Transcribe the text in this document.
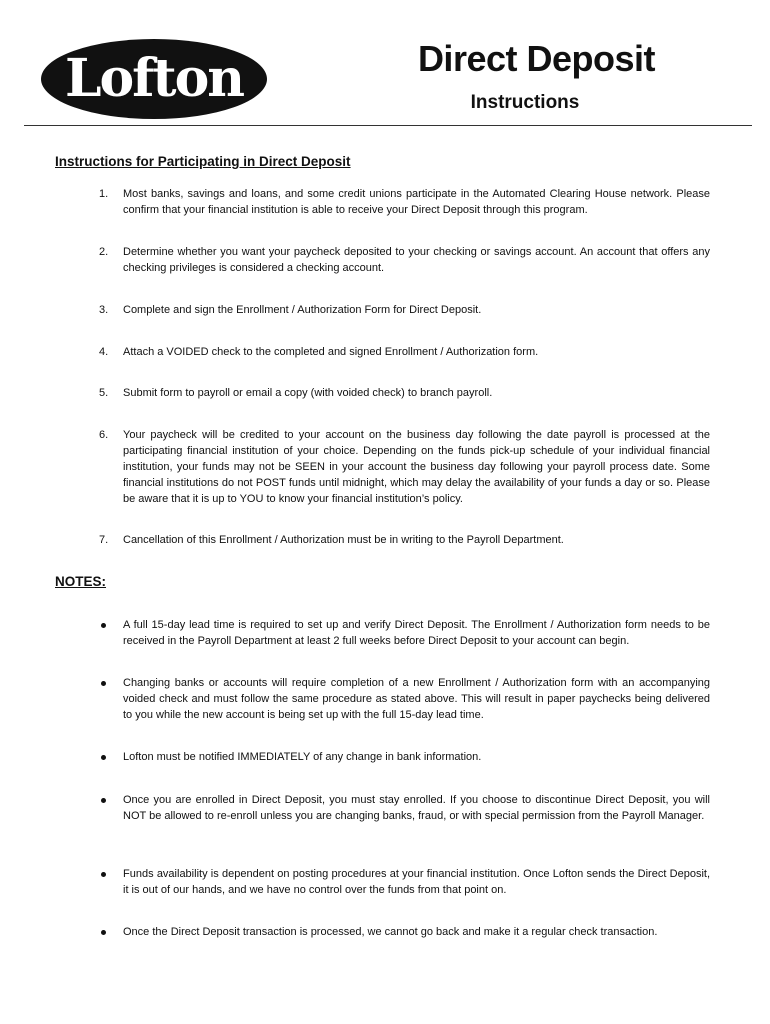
Lofton	Direct Deposit
Instructions
Instructions for Participating in Direct Deposit
1. Most banks, savings and loans, and some credit unions participate in the Automated Clearing House network. Please confirm that your financial institution is able to receive your Direct Deposit through this program.

2. Determine whether you want your paycheck deposited to your checking or savings account. An account that offers any checking privileges is considered a checking account.

3. Complete and sign the Enrollment / Authorization Form for Direct Deposit.

4. Attach a VOIDED check to the completed and signed Enrollment / Authorization form.

5. Submit form to payroll or email a copy (with voided check) to branch payroll.

6. Your paycheck will be credited to your account on the business day following the date payroll is processed at the participating financial institution of your choice. Depending on the funds pick-up schedule of your individual financial institution, your funds may not be SEEN in your account the business day following your payroll process date. Some financial institutions do not POST funds until midnight, which may delay the availability of your funds a day or so. Please be aware that it is up to YOU to know your financial institution’s policy.

7. Cancellation of this Enrollment / Authorization must be in writing to the Payroll Department.

NOTES:

A full 15-day lead time is required to set up and verify Direct Deposit. The Enrollment / Authorization form needs to be received in the Payroll Department at least 2 full weeks before Direct Deposit to your account can begin.

Changing banks or accounts will require completion of a new Enrollment / Authorization form with an accompanying voided check and must follow the same procedure as stated above. This will result in paper paychecks being delivered to you while the new account is being set up with the full 15-day lead time.

Lofton must be notified IMMEDIATELY of any change in bank information.

Once you are enrolled in Direct Deposit, you must stay enrolled. If you choose to discontinue Direct Deposit, you will NOT be allowed to re-enroll unless you are changing banks, fraud, or with special permission from the Payroll Manager.

Funds availability is dependent on posting procedures at your financial institution. Once Lofton sends the Direct Deposit, it is out of our hands, and we have no control over the funds from that point on.

Once the Direct Deposit transaction is processed, we cannot go back and make it a regular check transaction.
